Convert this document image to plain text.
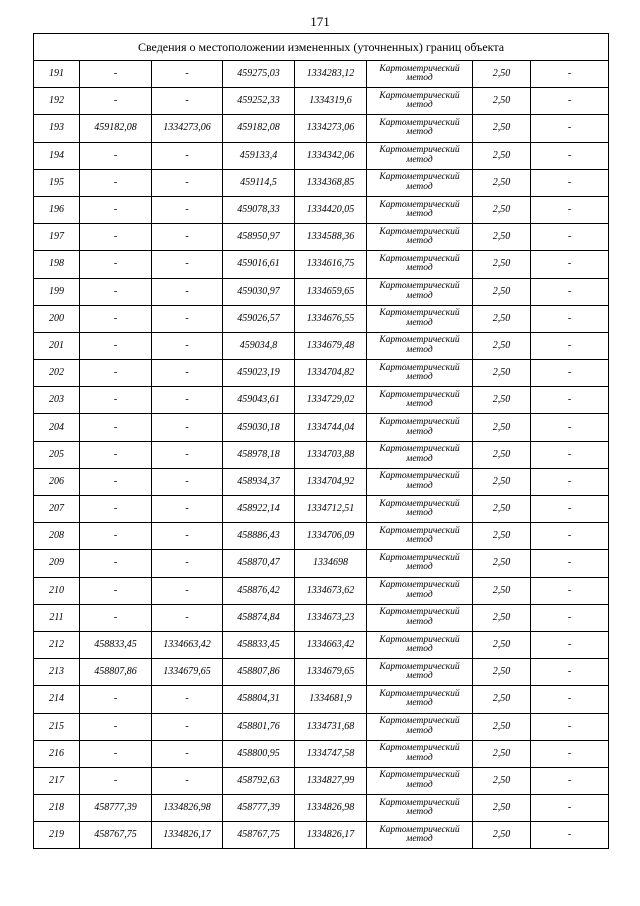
171
Сведения о местоположении измененных (уточненных) границ объекта							
191	-	-	459275,03	1334283,12	Картометрический
метод	2,50	-
192	-	-	459252,33	1334319,6	Картометрический
метод	2,50	-
193	459182,08	1334273,06	459182,08	1334273,06	Картометрический
метод	2,50	-
194	-	-	459133,4	1334342,06	Картометрический
метод	2,50	-
195	-	-	459114,5	1334368,85	Картометрический
метод	2,50	-
196	-	-	459078,33	1334420,05	Картометрический
метод	2,50	-
197	-	-	458950,97	1334588,36	Картометрический
метод	2,50	-
198	-	-	459016,61	1334616,75	Картометрический
метод	2,50	-
199	-	-	459030,97	1334659,65	Картометрический
метод	2,50	-
200	-	-	459026,57	1334676,55	Картометрический
метод	2,50	-
201	-	-	459034,8	1334679,48	Картометрический
метод	2,50	-
202	-	-	459023,19	1334704,82	Картометрический
метод	2,50	-
203	-	-	459043,61	1334729,02	Картометрический
метод	2,50	-
204	-	-	459030,18	1334744,04	Картометрический
метод	2,50	-
205	-	-	458978,18	1334703,88	Картометрический
метод	2,50	-
206	-	-	458934,37	1334704,92	Картометрический
метод	2,50	-
207	-	-	458922,14	1334712,51	Картометрический
метод	2,50	-
208	-	-	458886,43	1334706,09	Картометрический
метод	2,50	-
209	-	-	458870,47	1334698	Картометрический
метод	2,50	-
210	-	-	458876,42	1334673,62	Картометрический
метод	2,50	-
211	-	-	458874,84	1334673,23	Картометрический
метод	2,50	-
212	458833,45	1334663,42	458833,45	1334663,42	Картометрический
метод	2,50	-
213	458807,86	1334679,65	458807,86	1334679,65	Картометрический
метод	2,50	-
214	-	-	458804,31	1334681,9	Картометрический
метод	2,50	-
215	-	-	458801,76	1334731,68	Картометрический
метод	2,50	-
216	-	-	458800,95	1334747,58	Картометрический
метод	2,50	-
217	-	-	458792,63	1334827,99	Картометрический
метод	2,50	-
218	458777,39	1334826,98	458777,39	1334826,98	Картометрический
метод	2,50	-
219	458767,75	1334826,17	458767,75	1334826,17	Картометрический
метод	2,50	-
